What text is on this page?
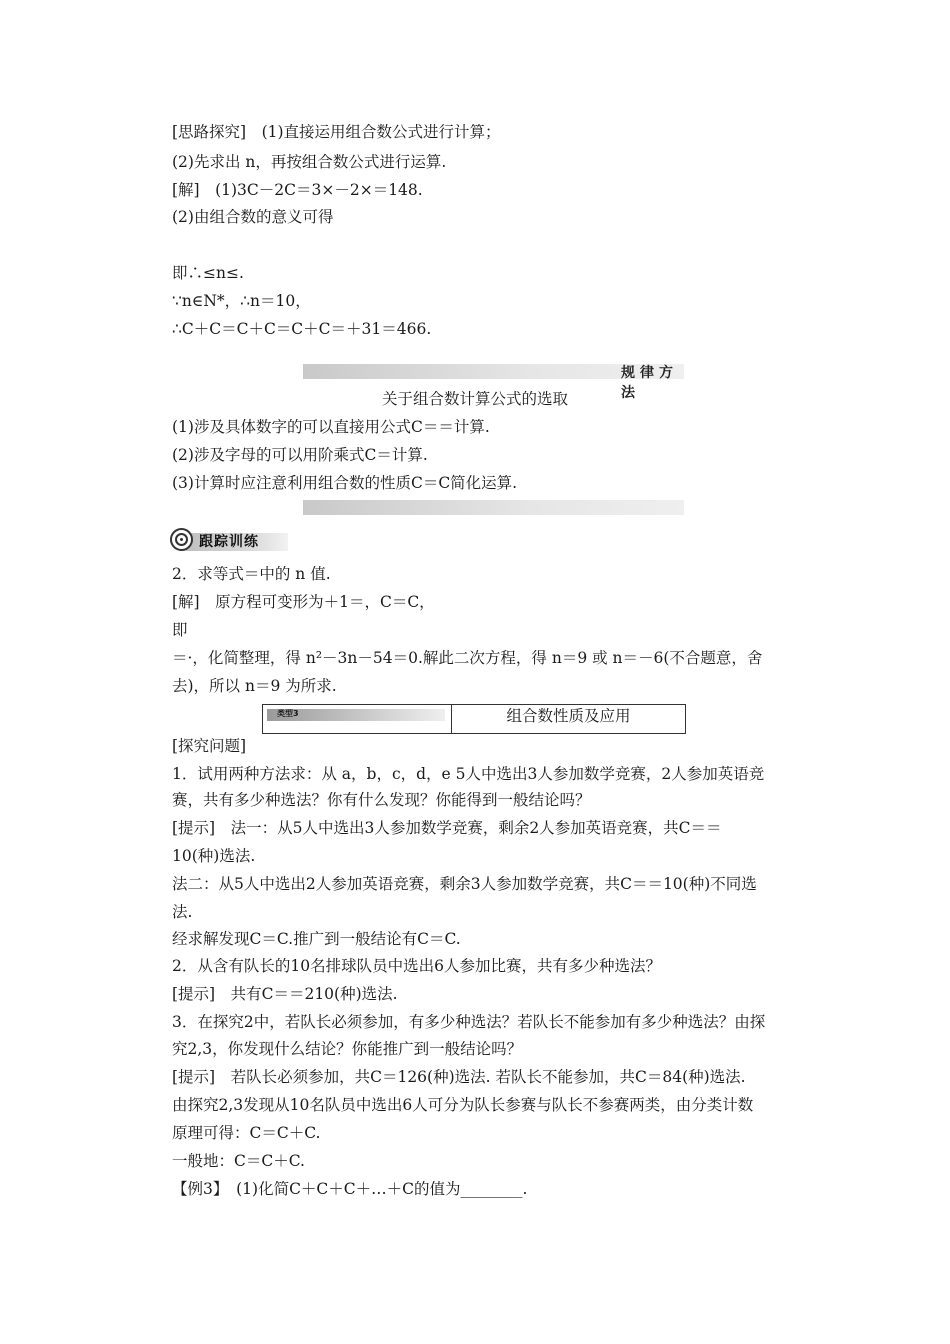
[思路探究]　(1)直接运用组合数公式进行计算；
(2)先求出 n，再按组合数公式进行运算.
[解]　(1)3C－2C＝3×－2×＝148.
(2)由组合数的意义可得
即∴≤n≤.
∵n∈N*，∴n＝10，
∴C＋C＝C＋C＝C＋C＝＋31＝466.
规律方法
关于组合数计算公式的选取
(1)涉及具体数字的可以直接用公式C＝＝计算.
(2)涉及字母的可以用阶乘式C＝计算.
(3)计算时应注意利用组合数的性质C＝C简化运算.
跟踪训练
2．求等式＝中的 n 值.
[解]　原方程可变形为＋1＝，C＝C，
即
＝·，化简整理，得 n²－3n－54＝0.解此二次方程，得 n＝9 或 n＝－6(不合题意，舍
去)，所以 n＝9 为所求.
类型3	组合数性质及应用
[探究问题]
1．试用两种方法求：从 a，b，c，d，e 5人中选出3人参加数学竞赛，2人参加英语竞
赛，共有多少种选法？你有什么发现？你能得到一般结论吗？
[提示]　法一：从5人中选出3人参加数学竞赛，剩余2人参加英语竞赛，共C＝＝
10(种)选法.
法二：从5人中选出2人参加英语竞赛，剩余3人参加数学竞赛，共C＝＝10(种)不同选
法.
经求解发现C＝C.推广到一般结论有C＝C.
2．从含有队长的10名排球队员中选出6人参加比赛，共有多少种选法？
[提示]　共有C＝＝210(种)选法.
3．在探究2中，若队长必须参加，有多少种选法？若队长不能参加有多少种选法？由探
究2,3，你发现什么结论？你能推广到一般结论吗？
[提示]　若队长必须参加，共C＝126(种)选法. 若队长不能参加，共C＝84(种)选法.
由探究2,3发现从10名队员中选出6人可分为队长参赛与队长不参赛两类，由分类计数
原理可得：C＝C＋C.
一般地：C＝C＋C.
【例3】　(1)化简C＋C＋C＋…＋C的值为________.
